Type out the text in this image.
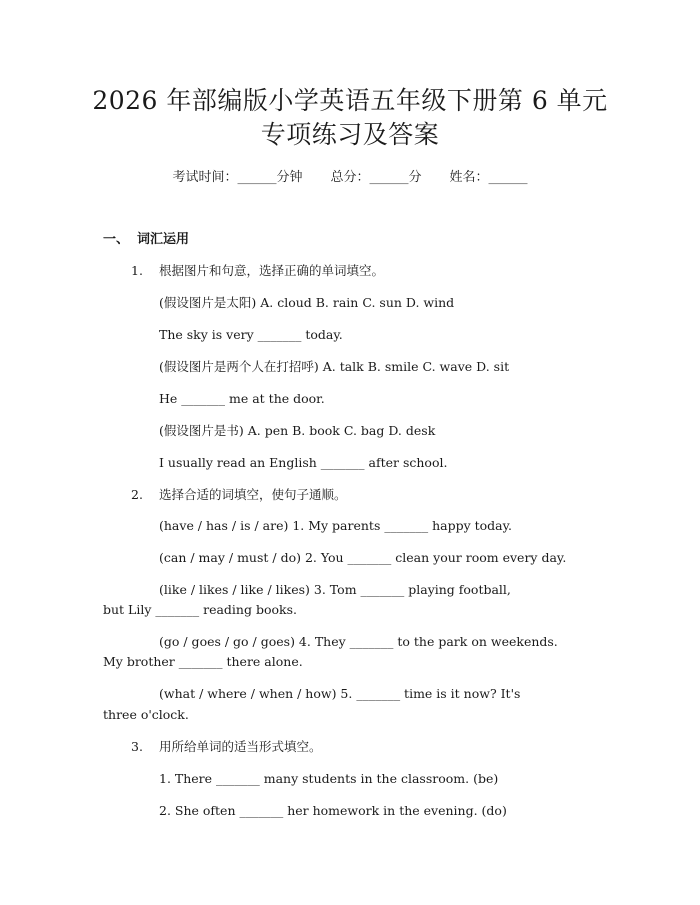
2026 年部编版小学英语五年级下册第 6 单元
专项练习及答案
考试时间：______分钟 总分：______分 姓名：______
一、 词汇运用
1. 根据图片和句意，选择正确的单词填空。
(假设图片是太阳) A. cloud B. rain C. sun D. wind
The sky is very _______ today.
(假设图片是两个人在打招呼) A. talk B. smile C. wave D. sit
He _______ me at the door.
(假设图片是书) A. pen B. book C. bag D. desk
I usually read an English _______ after school.
2. 选择合适的词填空，使句子通顺。
(have / has / is / are) 1. My parents _______ happy today.
(can / may / must / do) 2. You _______ clean your room every day.
(like / likes / like / likes) 3. Tom _______ playing football,
but Lily _______ reading books.
(go / goes / go / goes) 4. They _______ to the park on weekends.
My brother _______ there alone.
(what / where / when / how) 5. _______ time is it now? It's
three o'clock.
3. 用所给单词的适当形式填空。
1. There _______ many students in the classroom. (be)
2. She often _______ her homework in the evening. (do)
